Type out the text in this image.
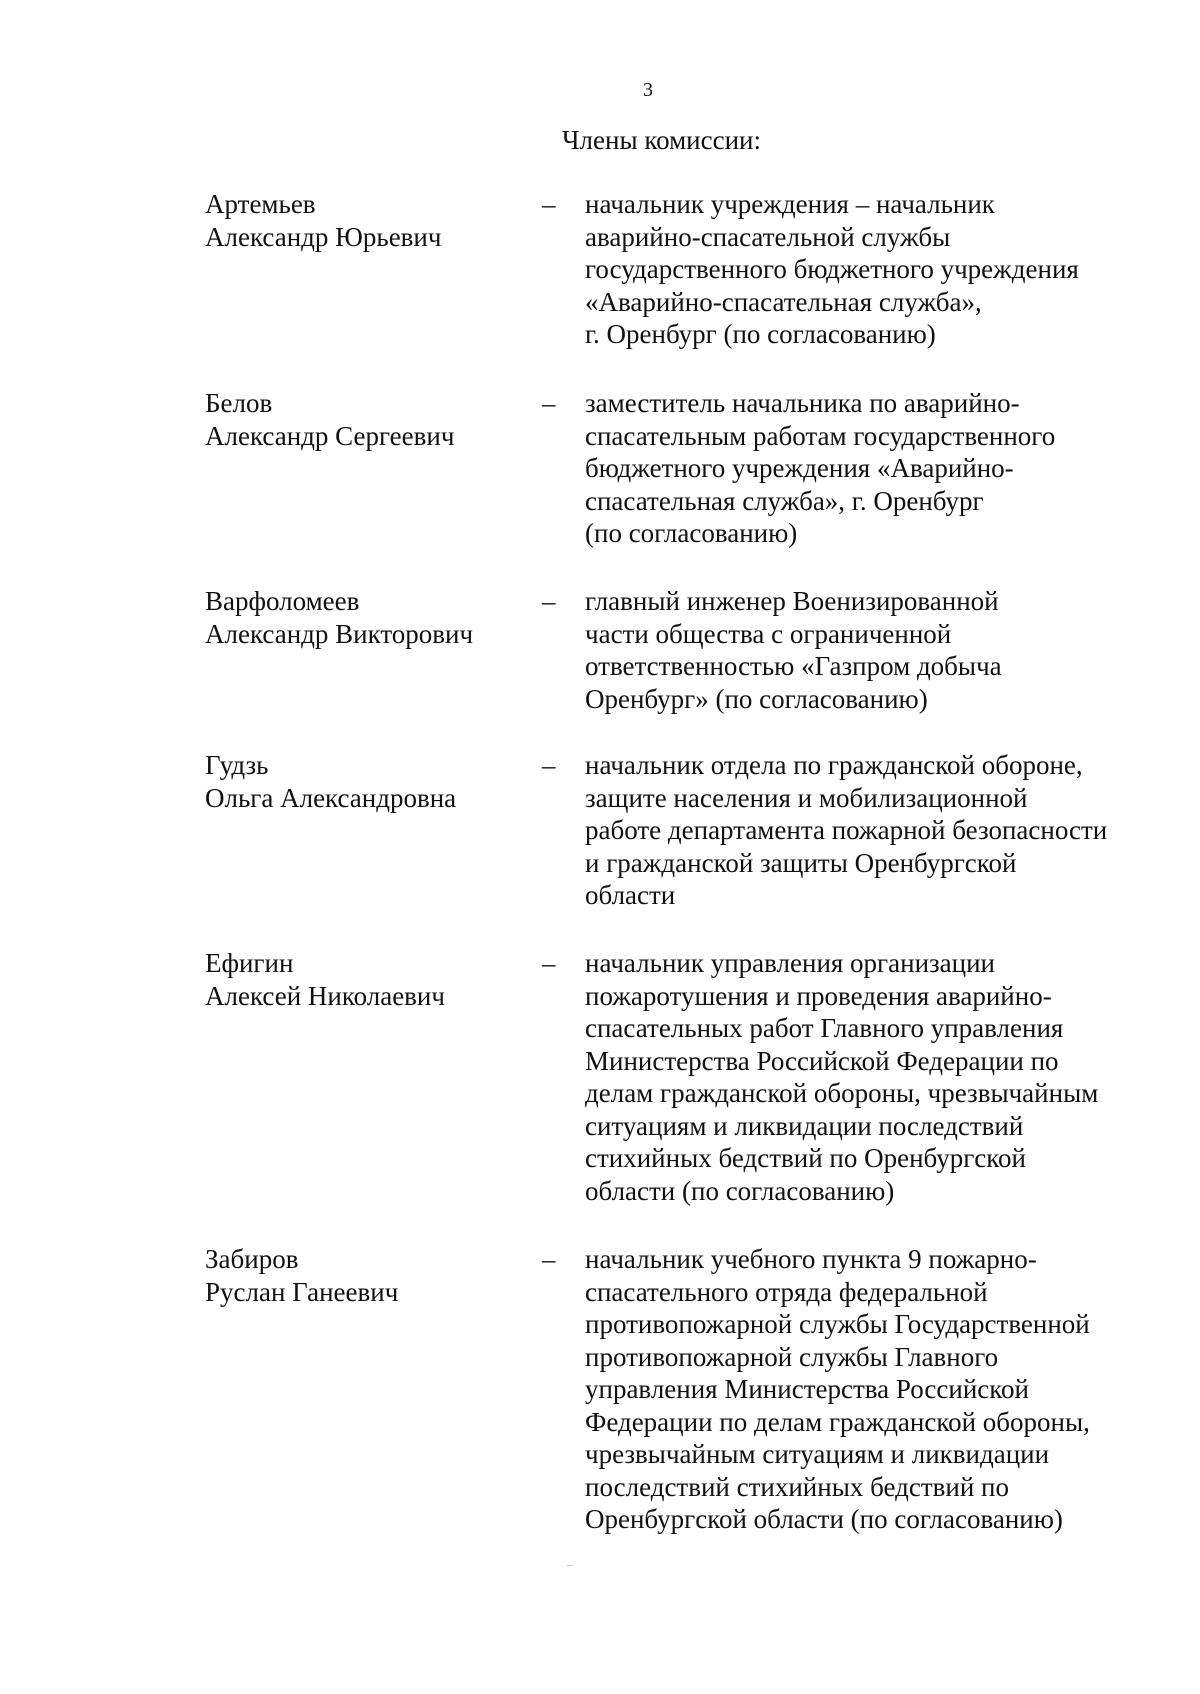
3
Члены комиссии:
Артемьев
Александр Юрьевич
– начальник учреждения – начальник
аварийно-спасательной службы
государственного бюджетного учреждения
«Аварийно-спасательная служба»,
г. Оренбург (по согласованию)
Белов
Александр Сергеевич
– заместитель начальника по аварийно-
спасательным работам государственного
бюджетного учреждения «Аварийно-
спасательная служба», г. Оренбург
(по согласованию)
Варфоломеев
Александр Викторович
– главный инженер Военизированной
части общества с ограниченной
ответственностью «Газпром добыча
Оренбург» (по согласованию)
Гудзь
Ольга Александровна
– начальник отдела по гражданской обороне,
защите населения и мобилизационной
работе департамента пожарной безопасности
и гражданской защиты Оренбургской
области
Ефигин
Алексей Николаевич
– начальник управления организации
пожаротушения и проведения аварийно-
спасательных работ Главного управления
Министерства Российской Федерации по
делам гражданской обороны, чрезвычайным
ситуациям и ликвидации последствий
стихийных бедствий по Оренбургской
области (по согласованию)
Забиров
Руслан Ганеевич
– начальник учебного пункта 9 пожарно-
спасательного отряда федеральной
противопожарной службы Государственной
противопожарной службы Главного
управления Министерства Российской
Федерации по делам гражданской обороны,
чрезвычайным ситуациям и ликвидации
последствий стихийных бедствий по
Оренбургской области (по согласованию)
